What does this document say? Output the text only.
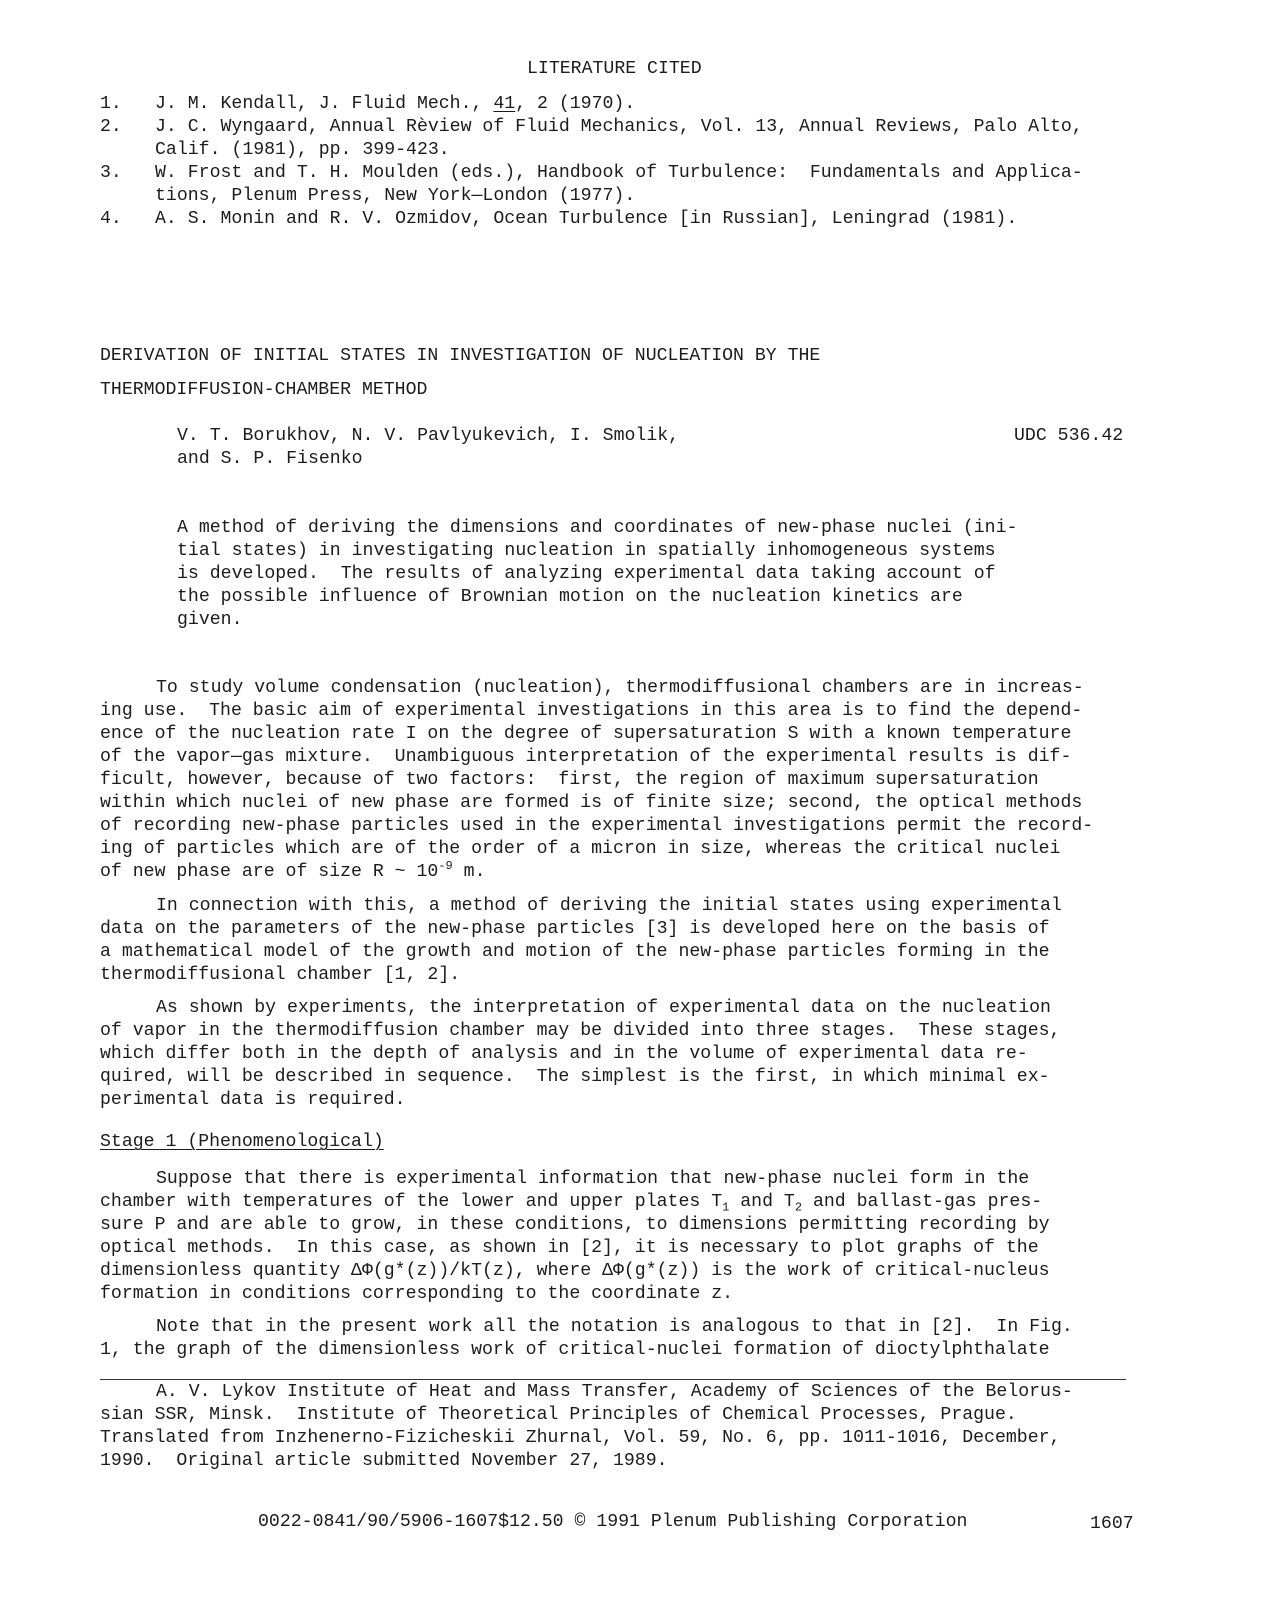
LITERATURE CITED
1. J. M. Kendall, J. Fluid Mech., 41, 2 (1970).
2. J. C. Wyngaard, Annual Rèview of Fluid Mechanics, Vol. 13, Annual Reviews, Palo Alto,
Calif. (1981), pp. 399-423.
3. W. Frost and T. H. Moulden (eds.), Handbook of Turbulence:  Fundamentals and Applica-
tions, Plenum Press, New York—London (1977).
4. A. S. Monin and R. V. Ozmidov, Ocean Turbulence [in Russian], Leningrad (1981).
DERIVATION OF INITIAL STATES IN INVESTIGATION OF NUCLEATION BY THE
THERMODIFFUSION-CHAMBER METHOD
V. T. Borukhov, N. V. Pavlyukevich, I. Smolik,
and S. P. Fisenko
UDC 536.42
A method of deriving the dimensions and coordinates of new-phase nuclei (ini-
tial states) in investigating nucleation in spatially inhomogeneous systems
is developed.  The results of analyzing experimental data taking account of
the possible influence of Brownian motion on the nucleation kinetics are
given.
To study volume condensation (nucleation), thermodiffusional chambers are in increas-
ing use.  The basic aim of experimental investigations in this area is to find the depend-
ence of the nucleation rate I on the degree of supersaturation S with a known temperature
of the vapor—gas mixture.  Unambiguous interpretation of the experimental results is dif-
ficult, however, because of two factors:  first, the region of maximum supersaturation
within which nuclei of new phase are formed is of finite size; second, the optical methods
of recording new-phase particles used in the experimental investigations permit the record-
ing of particles which are of the order of a micron in size, whereas the critical nuclei
of new phase are of size R ~ $10^{-9}$ m.
In connection with this, a method of deriving the initial states using experimental
data on the parameters of the new-phase particles [3] is developed here on the basis of
a mathematical model of the growth and motion of the new-phase particles forming in the
thermodiffusional chamber [1, 2].
As shown by experiments, the interpretation of experimental data on the nucleation
of vapor in the thermodiffusion chamber may be divided into three stages.  These stages,
which differ both in the depth of analysis and in the volume of experimental data re-
quired, will be described in sequence.  The simplest is the first, in which minimal ex-
perimental data is required.
Stage 1 (Phenomenological)
Suppose that there is experimental information that new-phase nuclei form in the
chamber with temperatures of the lower and upper plates $T_1$ and $T_2$ and ballast-gas pres-
sure P and are able to grow, in these conditions, to dimensions permitting recording by
optical methods.  In this case, as shown in [2], it is necessary to plot graphs of the
dimensionless quantity ΔΦ(g*(z))/kT(z), where ΔΦ(g*(z)) is the work of critical-nucleus
formation in conditions corresponding to the coordinate z.
Note that in the present work all the notation is analogous to that in [2].  In Fig.
1, the graph of the dimensionless work of critical-nuclei formation of dioctylphthalate
A. V. Lykov Institute of Heat and Mass Transfer, Academy of Sciences of the Belorus-
sian SSR, Minsk.  Institute of Theoretical Principles of Chemical Processes, Prague.
Translated from Inzhenerno-Fizicheskii Zhurnal, Vol. 59, No. 6, pp. 1011-1016, December,
1990.  Original article submitted November 27, 1989.
0022-0841/90/5906-1607$12.50 © 1991 Plenum Publishing Corporation	1607
